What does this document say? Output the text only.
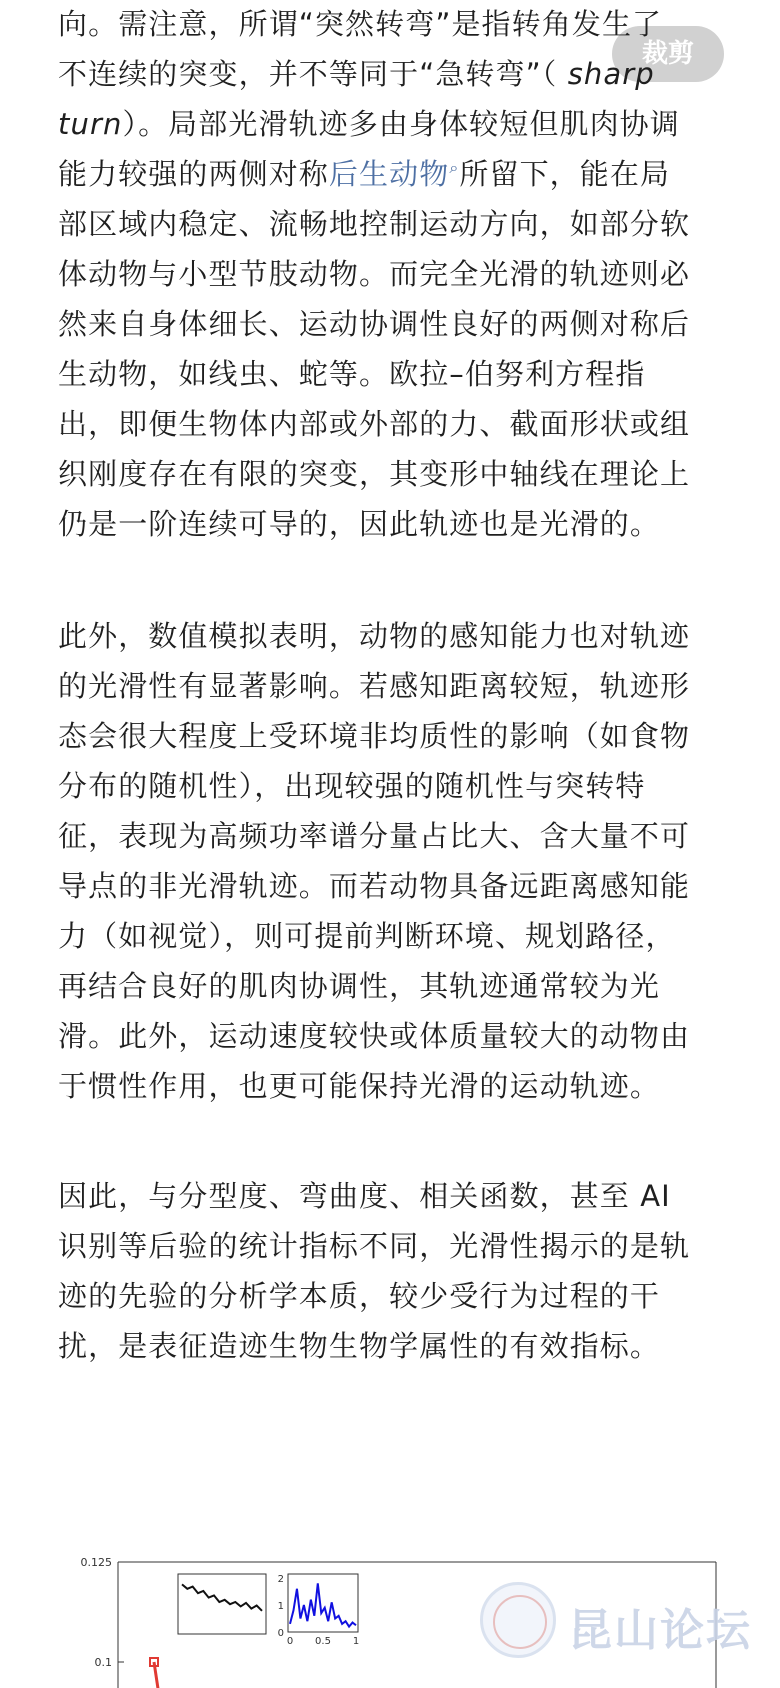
裁剪
向。需注意，所谓“突然转弯”是指转角发生了
不连续的突变，并不等同于“急转弯”（ sharp
turn）。局部光滑轨迹多由身体较短但肌肉协调
能力较强的两侧对称后生动物⌕所留下，能在局
部区域内稳定、流畅地控制运动方向，如部分软
体动物与小型节肢动物。而完全光滑的轨迹则必
然来自身体细长、运动协调性良好的两侧对称后
生动物，如线虫、蛇等。欧拉–伯努利方程指
出，即便生物体内部或外部的力、截面形状或组
织刚度存在有限的突变，其变形中轴线在理论上
仍是一阶连续可导的，因此轨迹也是光滑的。
此外，数值模拟表明，动物的感知能力也对轨迹
的光滑性有显著影响。若感知距离较短，轨迹形
态会很大程度上受环境非均质性的影响（如食物
分布的随机性），出现较强的随机性与突转特
征，表现为高频功率谱分量占比大、含大量不可
导点的非光滑轨迹。而若动物具备远距离感知能
力（如视觉），则可提前判断环境、规划路径，
再结合良好的肌肉协调性，其轨迹通常较为光
滑。此外，运动速度较快或体质量较大的动物由
于惯性作用，也更可能保持光滑的运动轨迹。
因此，与分型度、弯曲度、相关函数，甚至 AI
识别等后验的统计指标不同，光滑性揭示的是轨
迹的先验的分析学本质，较少受行为过程的干
扰，是表征造迹生物生物学属性的有效指标。
0.125
0.1
0
1
2
0 0.5 1	昆山论坛
